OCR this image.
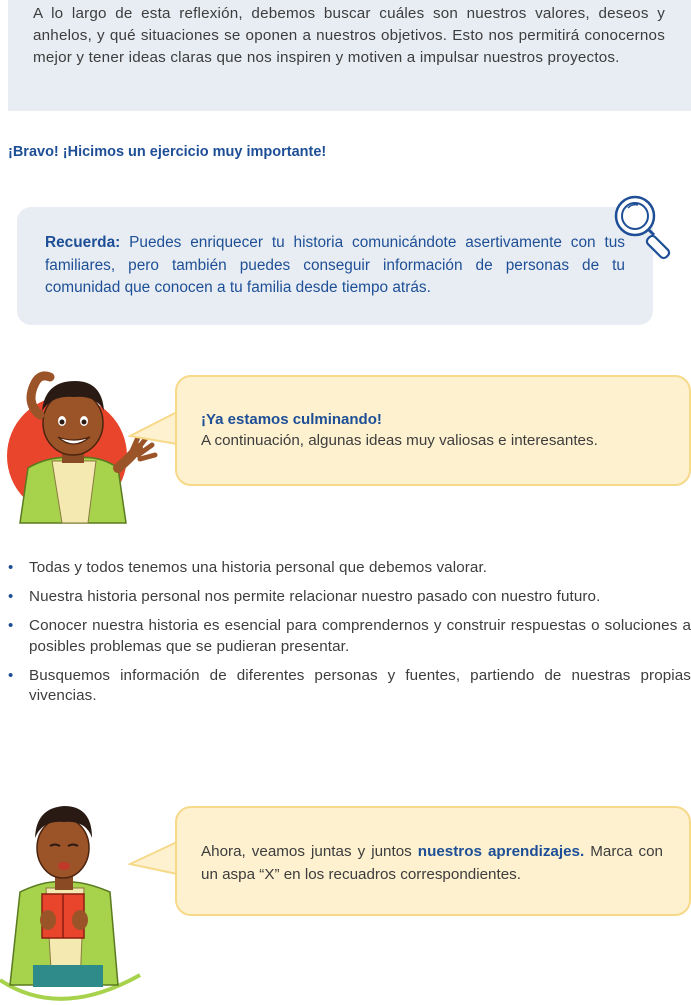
A lo largo de esta reflexión, debemos buscar cuáles son nuestros valores, deseos y anhelos, y qué situaciones se oponen a nuestros objetivos. Esto nos permitirá conocernos mejor y tener ideas claras que nos inspiren y motiven a impulsar nuestros proyectos.

¡Bravo! ¡Hicimos un ejercicio muy importante!

Recuerda: Puedes enriquecer tu historia comunicándote asertivamente con tus familiares, pero también puedes conseguir información de personas de tu comunidad que conocen a tu familia desde tiempo atrás.

¡Ya estamos culminando!

A continuación, algunas ideas muy valiosas e interesantes.

• Todas y todos tenemos una historia personal que debemos valorar.
• Nuestra historia personal nos permite relacionar nuestro pasado con nuestro futuro.
• Conocer nuestra historia es esencial para comprendernos y construir respuestas o soluciones a posibles problemas que se pudieran presentar.
• Busquemos información de diferentes personas y fuentes, partiendo de nuestras propias vivencias.

Ahora, veamos juntas y juntos nuestros aprendizajes. Marca con un aspa “X” en los recuadros correspondientes.
